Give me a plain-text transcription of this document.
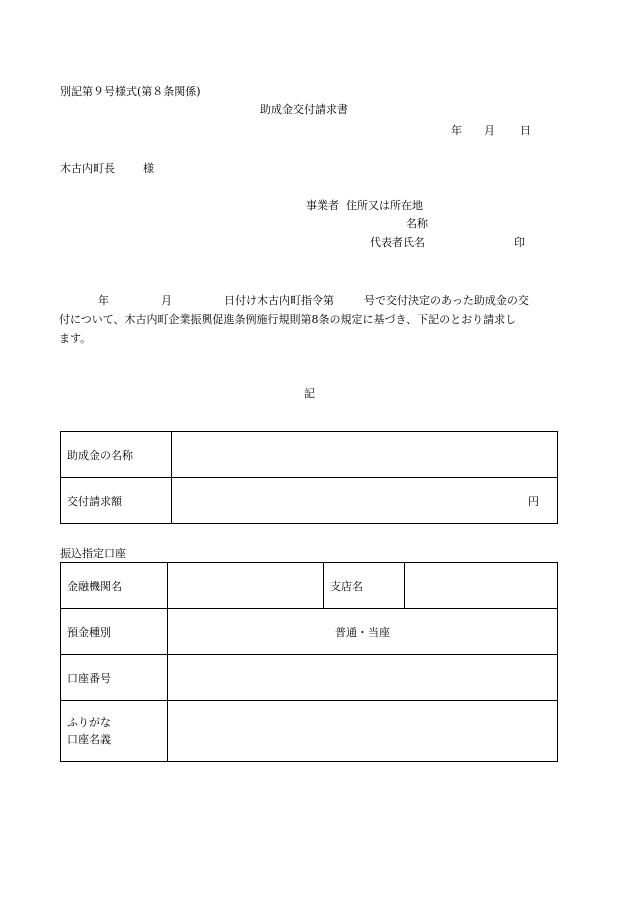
別記第９号様式(第８条関係)
助成金交付請求書
年 月 日
木古内町長	様
事業者 住所又は所在地
名称
代表者氏名	印
年	月	日付け木古内町指令第	号で交付決定のあった助成金の交
付について、木古内町企業振興促進条例施行規則第8条の規定に基づき、下記のとおり請求し
ます。
記
助成金の名称	
交付請求額	円
振込指定口座
金融機関名		支店名	
預金種別	普通・当座		
口座番号			

ふりがな
口座名義			
